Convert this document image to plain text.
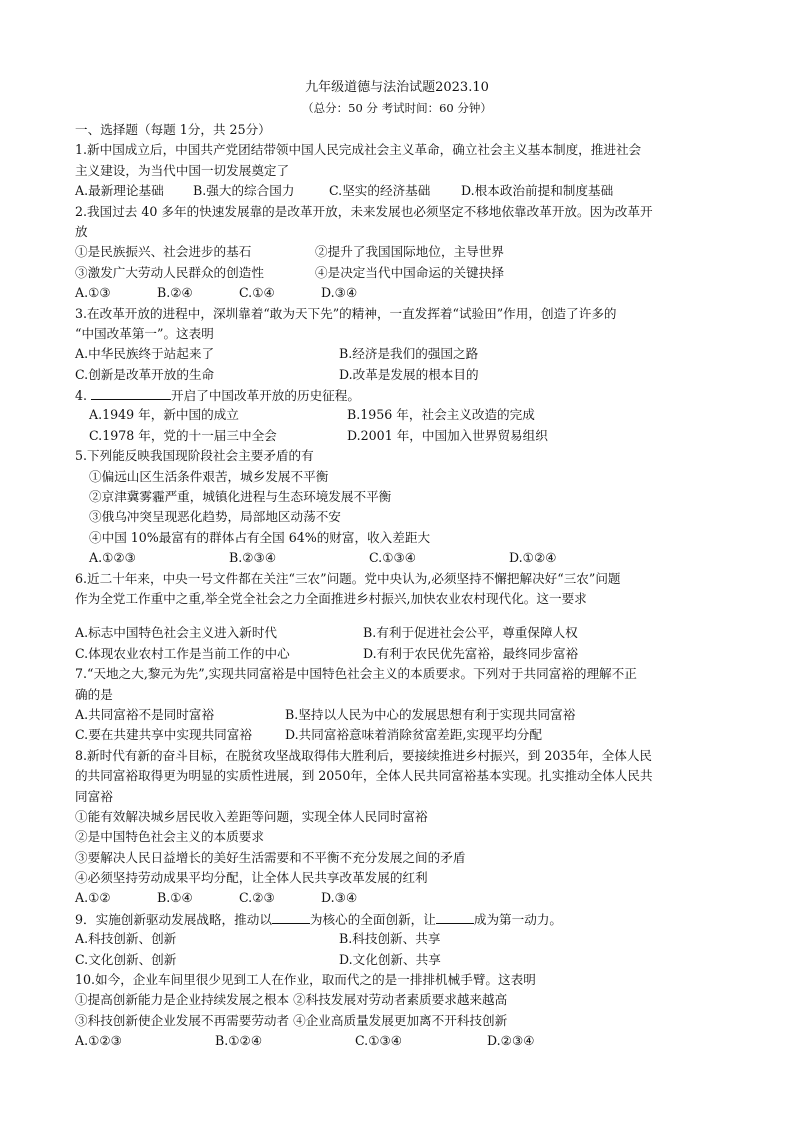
九年级道德与法治试题2023.10
（总分：50 分 考试时间：60 分钟）
一、选择题（每题 1分，共 25分）
1.新中国成立后，中国共产党团结带领中国人民完成社会主义革命，确立社会主义基本制度，推进社会
主义建设，为当代中国一切发展奠定了
A.最新理论基础	B.强大的综合国力	C.坚实的经济基础	D.根本政治前提和制度基础
2.我国过去 40 多年的快速发展靠的是改革开放，未来发展也必须坚定不移地依靠改革开放。因为改革开
放
①是民族振兴、社会进步的基石	②提升了我国国际地位，主导世界
③激发广大劳动人民群众的创造性	④是决定当代中国命运的关键抉择
A.①③	B.②④	C.①④	D.③④
3.在改革开放的进程中，深圳靠着“敢为天下先”的精神，一直发挥着“试验田”作用，创造了许多的
“中国改革第一”。这表明
A.中华民族终于站起来了	B.经济是我们的强国之路
C.创新是改革开放的生命	D.改革是发展的根本目的
4.	开启了中国改革开放的历史征程。
A.1949 年，新中国的成立	B.1956 年，社会主义改造的完成
C.1978 年，党的十一届三中全会	D.2001 年，中国加入世界贸易组织
5.下列能反映我国现阶段社会主要矛盾的有
①偏远山区生活条件艰苦，城乡发展不平衡
②京津冀雾霾严重，城镇化进程与生态环境发展不平衡
③俄乌冲突呈现恶化趋势，局部地区动荡不安
④中国 10%最富有的群体占有全国 64%的财富，收入差距大
A.①②③	B.②③④	C.①③④	D.①②④
6.近二十年来，中央一号文件都在关注“三农”问题。党中央认为,必须坚持不懈把解决好“三农”问题
作为全党工作重中之重,举全党全社会之力全面推进乡村振兴,加快农业农村现代化。这一要求
A.标志中国特色社会主义进入新时代	B.有利于促进社会公平，尊重保障人权
C.体现农业农村工作是当前工作的中心	D.有利于农民优先富裕，最终同步富裕
7.“天地之大,黎元为先”,实现共同富裕是中国特色社会主义的本质要求。下列对于共同富裕的理解不正
确的是
A.共同富裕不是同时富裕	B.坚持以人民为中心的发展思想有利于实现共同富裕
C.要在共建共享中实现共同富裕	D.共同富裕意味着消除贫富差距,实现平均分配
8.新时代有新的奋斗目标，在脱贫攻坚战取得伟大胜利后，要接续推进乡村振兴，到 2035年，全体人民
的共同富裕取得更为明显的实质性进展，到 2050年，全体人民共同富裕基本实现。扎实推动全体人民共
同富裕
①能有效解决城乡居民收入差距等问题，实现全体人民同时富裕
②是中国特色社会主义的本质要求
③要解决人民日益增长的美好生活需要和不平衡不充分发展之间的矛盾
④必须坚持劳动成果平均分配，让全体人民共享改革发展的红利
A.①②	B.①④	C.②③	D.③④
9．实施创新驱动发展战略，推动以	为核心的全面创新，让	成为第一动力。
A.科技创新、创新	B.科技创新、共享
C.文化创新、创新	D.文化创新、共享
10.如今，企业车间里很少见到工人在作业，取而代之的是一排排机械手臂。这表明
①提高创新能力是企业持续发展之根本 ②科技发展对劳动者素质要求越来越高
③科技创新使企业发展不再需要劳动者 ④企业高质量发展更加离不开科技创新
A.①②③	B.①②④	C.①③④	D.②③④
